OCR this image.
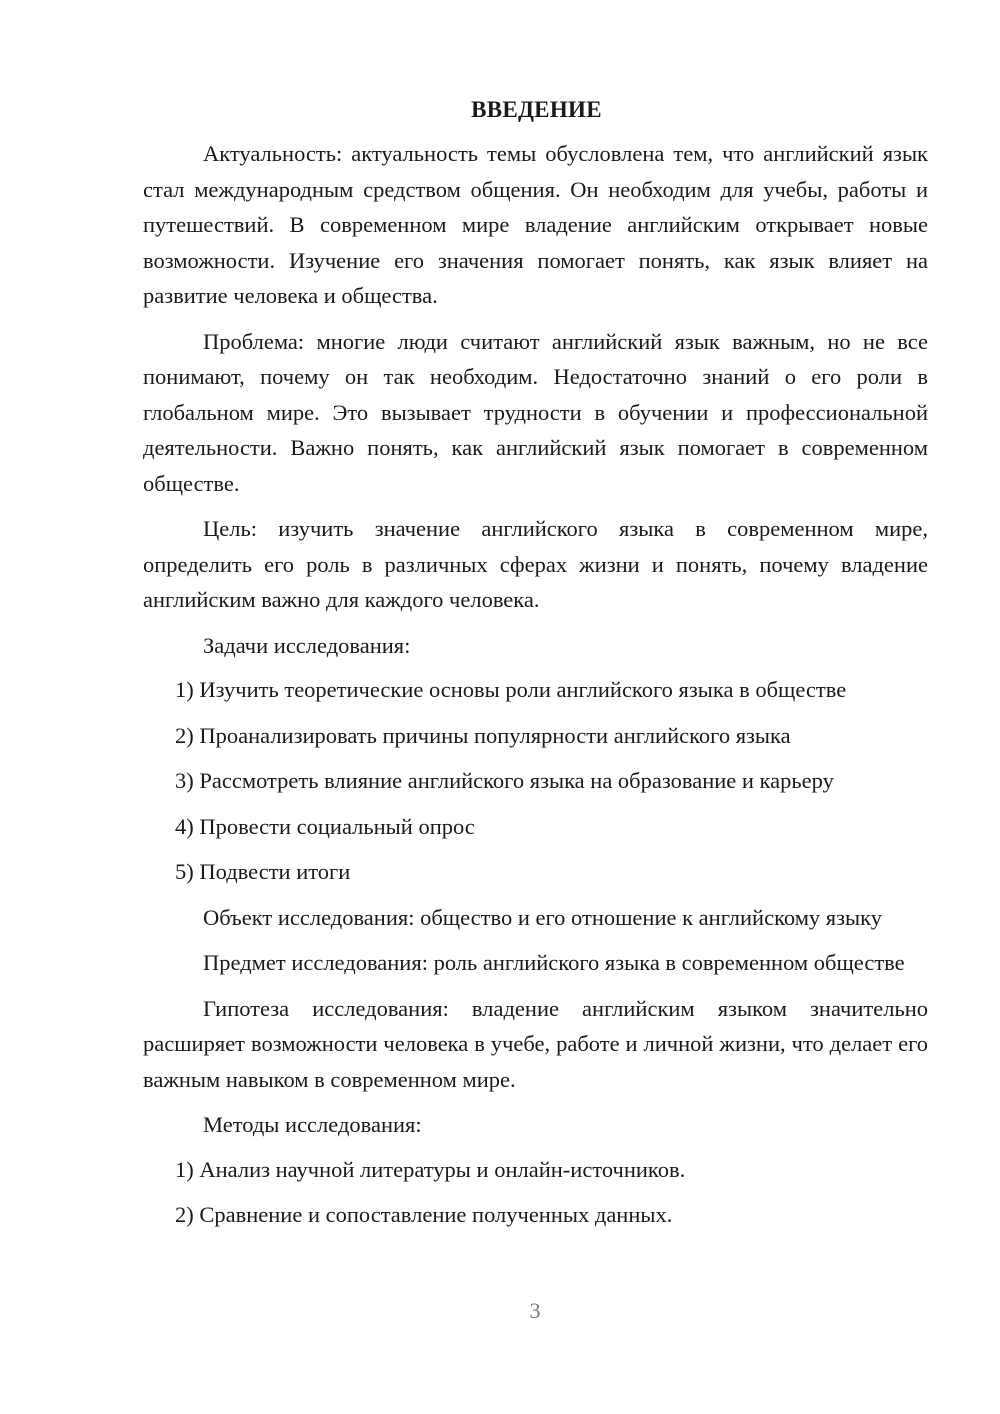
ВВЕДЕНИЕ

Актуальность: актуальность темы обусловлена тем, что английский язык стал международным средством общения. Он необходим для учебы, работы и путешествий. В современном мире владение английским открывает новые возможности. Изучение его значения помогает понять, как язык влияет на развитие человека и общества.

Проблема: многие люди считают английский язык важным, но не все понимают, почему он так необходим. Недостаточно знаний о его роли в глобальном мире. Это вызывает трудности в обучении и профессиональной деятельности. Важно понять, как английский язык помогает в современном обществе.

Цель: изучить значение английского языка в современном мире, определить его роль в различных сферах жизни и понять, почему владение английским важно для каждого человека.

Задачи исследования:

1) Изучить теоретические основы роли английского языка в обществе
2) Проанализировать причины популярности английского языка
3) Рассмотреть влияние английского языка на образование и карьеру
4) Провести социальный опрос
5) Подвести итоги

Объект исследования: общество и его отношение к английскому языку

Предмет исследования: роль английского языка в современном обществе

Гипотеза исследования: владение английским языком значительно расширяет возможности человека в учебе, работе и личной жизни, что делает его важным навыком в современном мире.

Методы исследования:

1) Анализ научной литературы и онлайн-источников.
2) Сравнение и сопоставление полученных данных.
3
